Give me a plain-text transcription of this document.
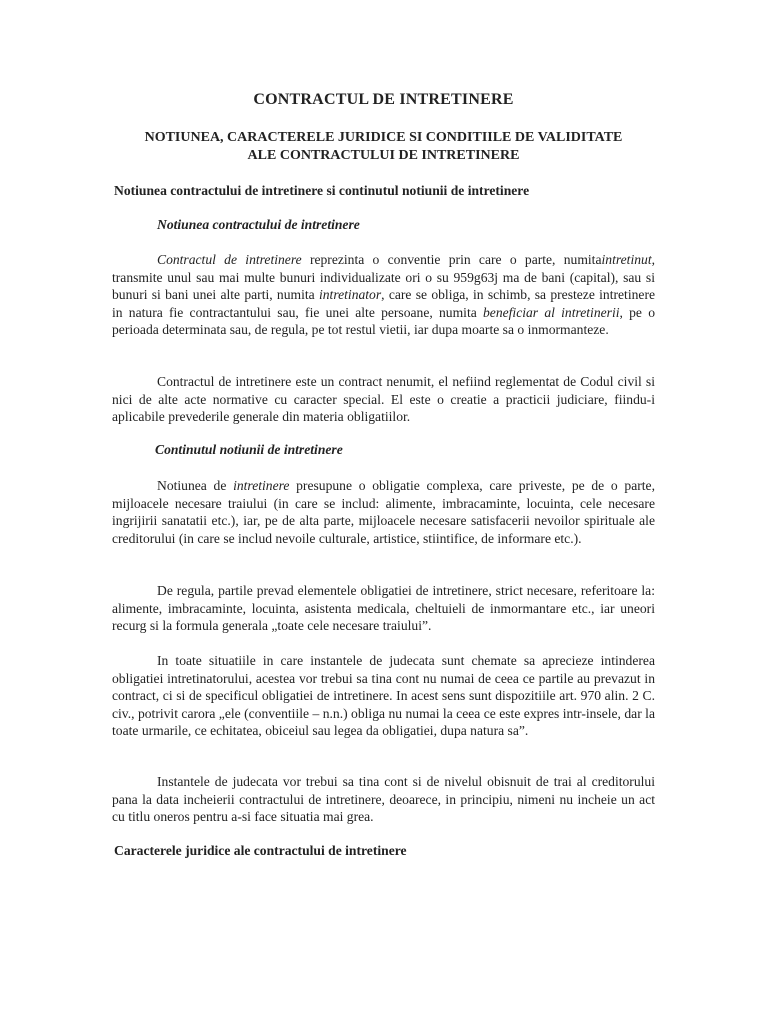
CONTRACTUL DE INTRETINERE
NOTIUNEA, CARACTERELE JURIDICE SI CONDITIILE DE VALIDITATE
ALE CONTRACTULUI DE INTRETINERE
Notiunea contractului de intretinere si continutul notiunii de intretinere
Notiunea contractului de intretinere

Contractul de intretinere reprezinta o conventie prin care o parte, numitaintretinut, transmite unul sau mai multe bunuri individualizate ori o su 959g63j ma de bani (capital), sau si bunuri si bani unei alte parti, numita intretinator, care se obliga, in schimb, sa presteze intretinere in natura fie contractantului sau, fie unei alte persoane, numita beneficiar al intretinerii, pe o perioada determinata sau, de regula, pe tot restul vietii, iar dupa moarte sa o inmormanteze.

Contractul de intretinere este un contract nenumit, el nefiind reglementat de Codul civil si nici de alte acte normative cu caracter special. El este o creatie a practicii judiciare, fiindu-i aplicabile prevederile generale din materia obligatiilor.

Continutul notiunii de intretinere

Notiunea de intretinere presupune o obligatie complexa, care priveste, pe de o parte, mijloacele necesare traiului (in care se includ: alimente, imbracaminte, locuinta, cele necesare ingrijirii sanatatii etc.), iar, pe de alta parte, mijloacele necesare satisfacerii nevoilor spirituale ale creditorului (in care se includ nevoile culturale, artistice, stiintifice, de informare etc.).

De regula, partile prevad elementele obligatiei de intretinere, strict necesare, referitoare la: alimente, imbracaminte, locuinta, asistenta medicala, cheltuieli de inmormantare etc., iar uneori recurg si la formula generala „toate cele necesare traiului”.

In toate situatiile in care instantele de judecata sunt chemate sa aprecieze intinderea obligatiei intretinatorului, acestea vor trebui sa tina cont nu numai de ceea ce partile au prevazut in contract, ci si de specificul obligatiei de intretinere. In acest sens sunt dispozitiile art. 970 alin. 2 C. civ., potrivit carora „ele (conventiile – n.n.) obliga nu numai la ceea ce este expres intr-insele, dar la toate urmarile, ce echitatea, obiceiul sau legea da obligatiei, dupa natura sa”.

Instantele de judecata vor trebui sa tina cont si de nivelul obisnuit de trai al creditorului pana la data incheierii contractului de intretinere, deoarece, in principiu, nimeni nu incheie un act cu titlu oneros pentru a-si face situatia mai grea.

Caracterele juridice ale contractului de intretinere
